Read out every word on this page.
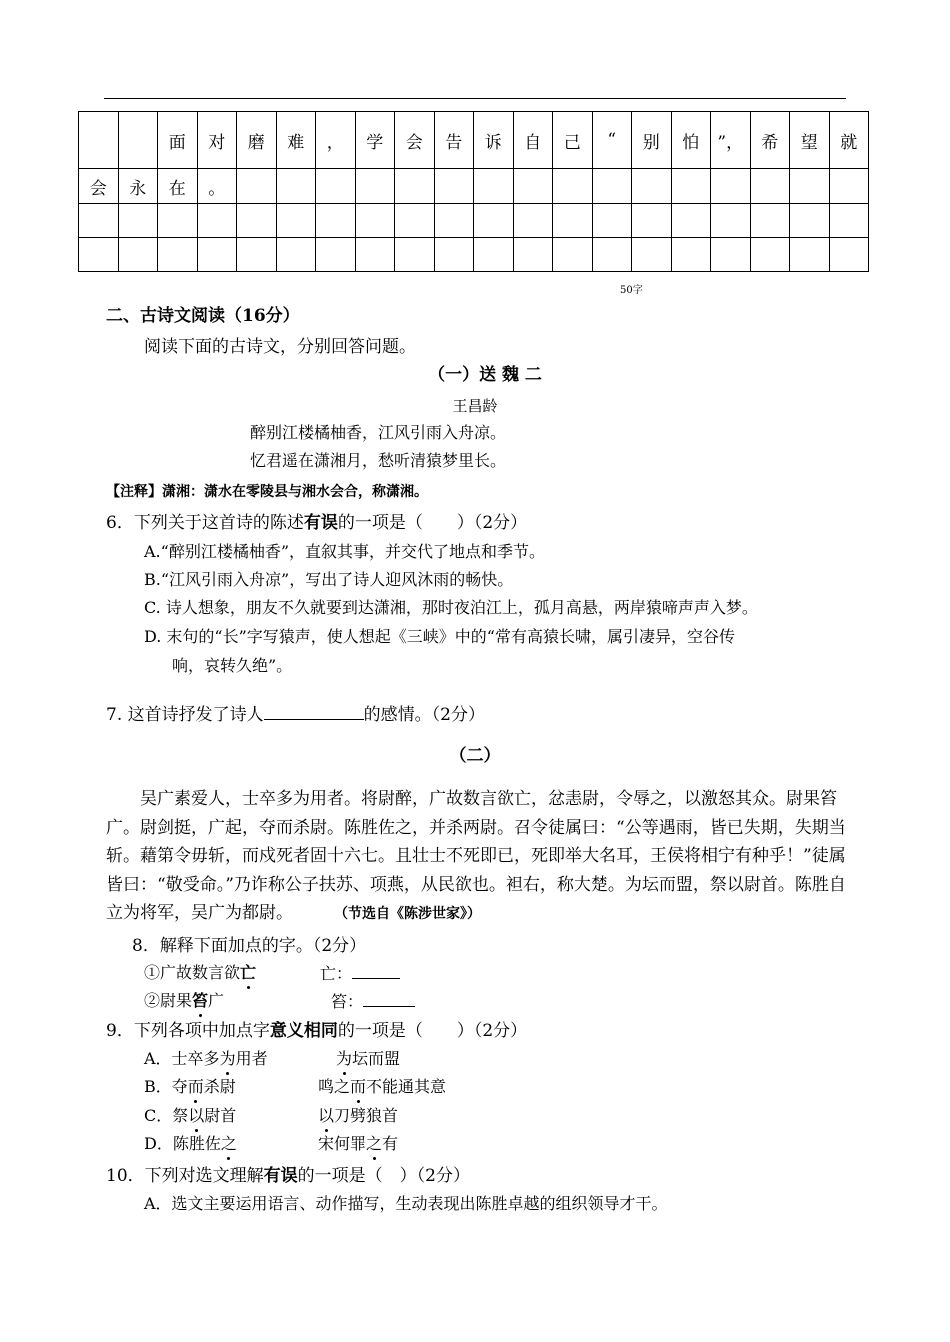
		面	对	磨	难	，	学	会	告	诉	自	己	“	别	怕	”，	希	望	就
会	永	在	。																

50字
二、古诗文阅读（16分）
阅读下面的古诗文，分别回答问题。
（一）送 魏 二
王昌龄
醉别江楼橘柚香，江风引雨入舟凉。
忆君遥在潇湘月，愁听清猿梦里长。
【注释】潇湘：潇水在零陵县与湘水会合，称潇湘。
6．下列关于这首诗的陈述有误的一项是（　　）（2分）
A.“醉别江楼橘柚香”，直叙其事，并交代了地点和季节。
B.“江风引雨入舟凉”，写出了诗人迎风沐雨的畅快。
C. 诗人想象，朋友不久就要到达潇湘，那时夜泊江上，孤月高悬，两岸猿啼声声入梦。
D. 末句的“长”字写猿声，使人想起《三峡》中的“常有高猿长啸，属引凄异，空谷传
响，哀转久绝”。
7. 这首诗抒发了诗人	的感情。（2分）
（二）
吴广素爱人，士卒多为用者。将尉醉，广故数言欲亡，忿恚尉，令辱之，以激怒其众。尉果笞广。尉剑挺，广起，夺而杀尉。陈胜佐之，并杀两尉。召令徒属曰：“公等遇雨，皆已失期，失期当斩。藉第令毋斩，而戍死者固十六七。且壮士不死即已，死即举大名耳，王侯将相宁有种乎！”徒属皆曰：“敬受命。”乃诈称公子扶苏、项燕，从民欲也。袒右，称大楚。为坛而盟，祭以尉首。陈胜自立为将军，吴广为都尉。	（节选自《陈涉世家》）
8．解释下面加点的字。（2分）
①广故数言欲亡	亡：
②尉果笞广	笞：
9．下列各项中加点字意义相同的一项是（　　）（2分）
A．士卒多为用者	为坛而盟
B．夺而杀尉	鸣之而不能通其意
C．祭以尉首	以刀劈狼首
D．陈胜佐之	宋何罪之有
10．下列对选文理解有误的一项是（　）（2分）
A．选文主要运用语言、动作描写，生动表现出陈胜卓越的组织领导才干。
